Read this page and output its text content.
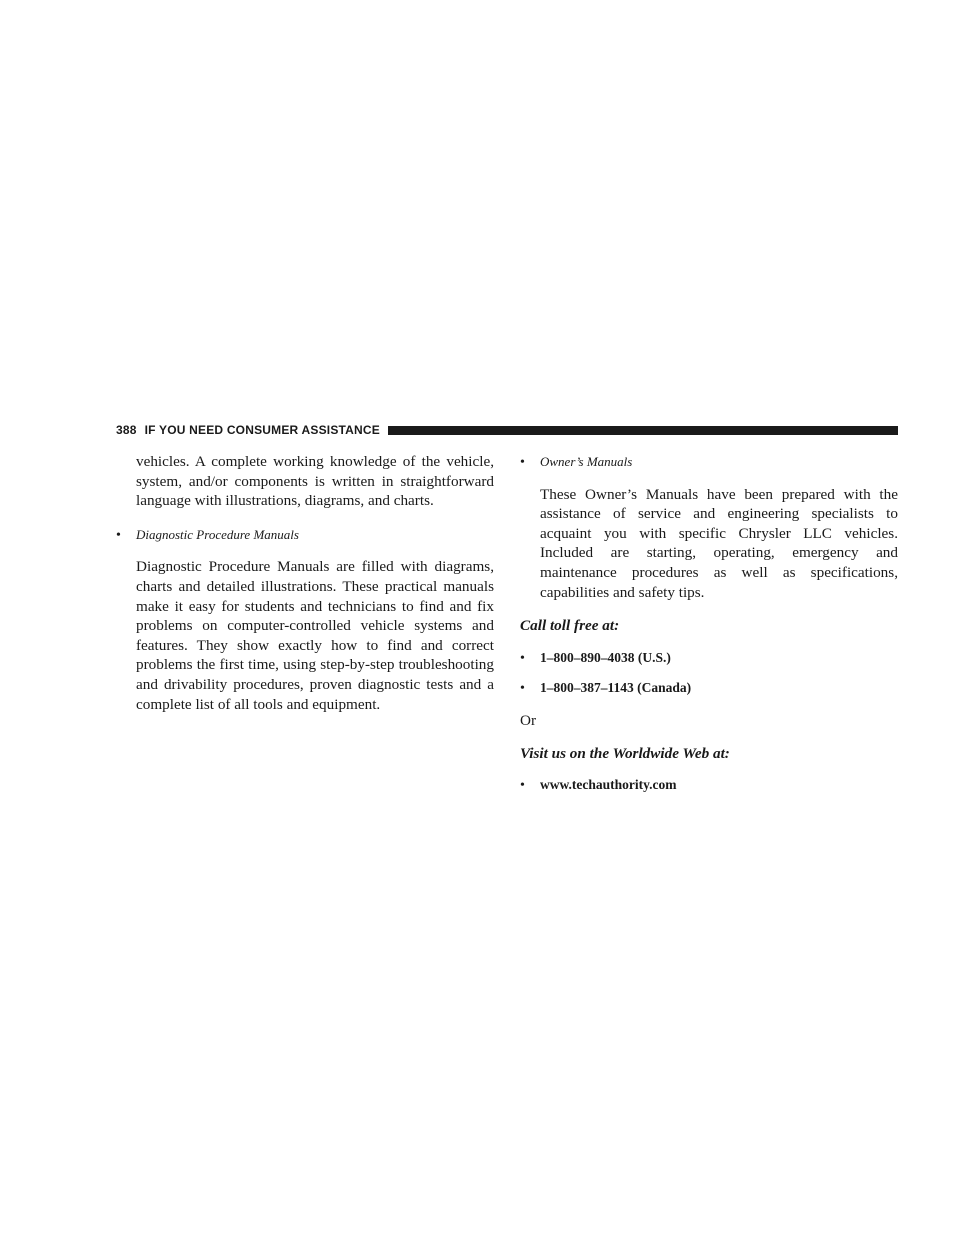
388 IF YOU NEED CONSUMER ASSISTANCE

vehicles. A complete working knowledge of the vehicle, system, and/or components is written in straightforward language with illustrations, diagrams, and charts.

•	Diagnostic Procedure Manuals

Diagnostic Procedure Manuals are filled with diagrams, charts and detailed illustrations. These practical manuals make it easy for students and technicians to find and fix problems on computer-controlled vehicle systems and features. They show exactly how to find and correct problems the first time, using step-by-step troubleshooting and drivability procedures, proven diagnostic tests and a complete list of all tools and equipment.

•	Owner’s Manuals

These Owner’s Manuals have been prepared with the assistance of service and engineering specialists to acquaint you with specific Chrysler LLC vehicles. Included are starting, operating, emergency and maintenance procedures as well as specifications, capabilities and safety tips.

Call toll free at:

•	1–800–890–4038 (U.S.)
•	1–800–387–1143 (Canada)

Or

Visit us on the Worldwide Web at:

•	www.techauthority.com
